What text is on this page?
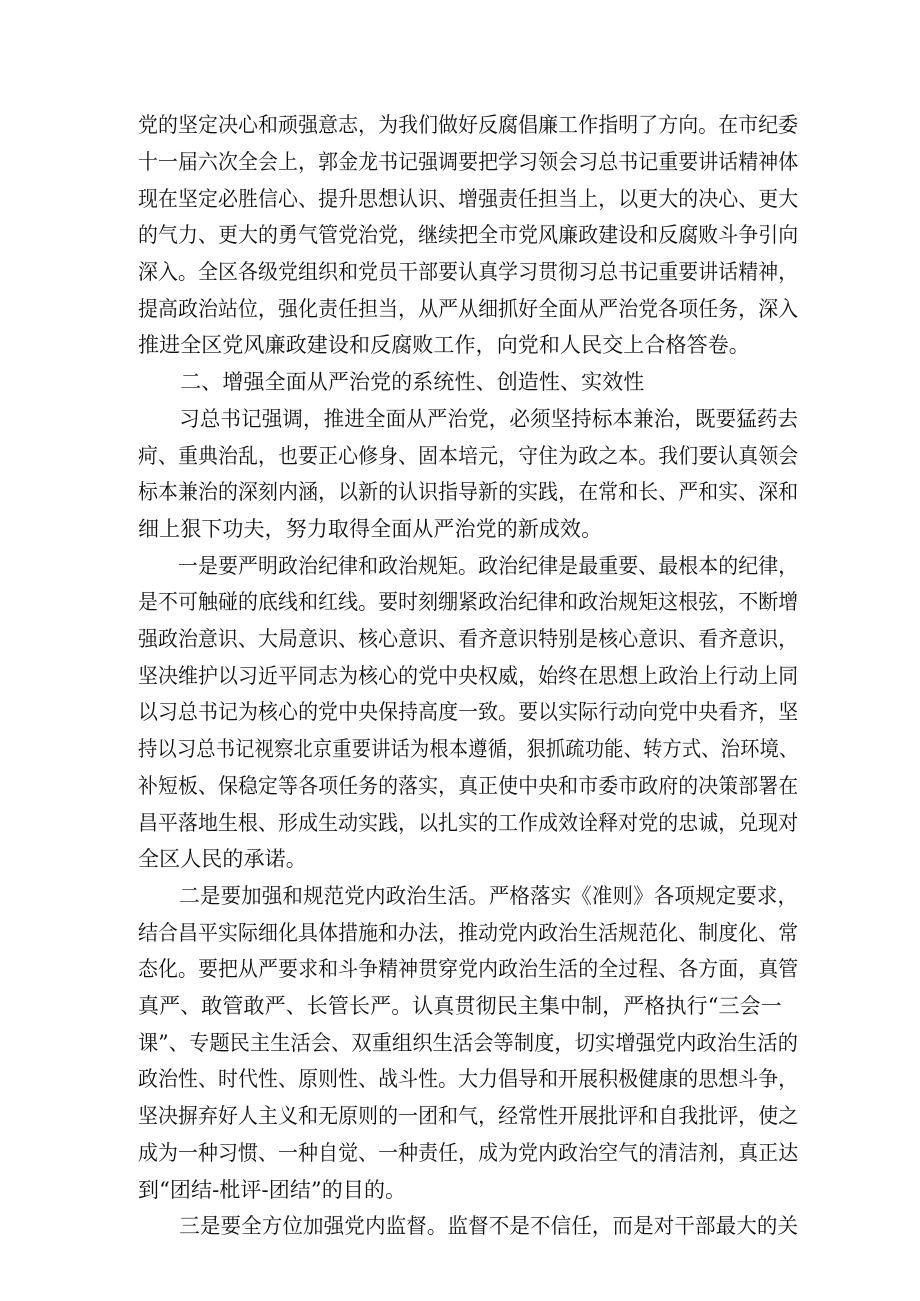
党的坚定决心和顽强意志，为我们做好反腐倡廉工作指明了方向。在市纪委
十一届六次全会上，郭金龙书记强调要把学习领会习总书记重要讲话精神体
现在坚定必胜信心、提升思想认识、增强责任担当上，以更大的决心、更大
的气力、更大的勇气管党治党，继续把全市党风廉政建设和反腐败斗争引向
深入。全区各级党组织和党员干部要认真学习贯彻习总书记重要讲话精神，
提高政治站位，强化责任担当，从严从细抓好全面从严治党各项任务，深入
推进全区党风廉政建设和反腐败工作，向党和人民交上合格答卷。
　　二、增强全面从严治党的系统性、创造性、实效性
　　习总书记强调，推进全面从严治党，必须坚持标本兼治，既要猛药去
疴、重典治乱，也要正心修身、固本培元，守住为政之本。我们要认真领会
标本兼治的深刻内涵，以新的认识指导新的实践，在常和长、严和实、深和
细上狠下功夫，努力取得全面从严治党的新成效。
　　一是要严明政治纪律和政治规矩。政治纪律是最重要、最根本的纪律，
是不可触碰的底线和红线。要时刻绷紧政治纪律和政治规矩这根弦，不断增
强政治意识、大局意识、核心意识、看齐意识特别是核心意识、看齐意识，
坚决维护以习近平同志为核心的党中央权威，始终在思想上政治上行动上同
以习总书记为核心的党中央保持高度一致。要以实际行动向党中央看齐，坚
持以习总书记视察北京重要讲话为根本遵循，狠抓疏功能、转方式、治环境、
补短板、保稳定等各项任务的落实，真正使中央和市委市政府的决策部署在
昌平落地生根、形成生动实践，以扎实的工作成效诠释对党的忠诚，兑现对
全区人民的承诺。
　　二是要加强和规范党内政治生活。严格落实《准则》各项规定要求，
结合昌平实际细化具体措施和办法，推动党内政治生活规范化、制度化、常
态化。要把从严要求和斗争精神贯穿党内政治生活的全过程、各方面，真管
真严、敢管敢严、长管长严。认真贯彻民主集中制，严格执行“三会一
课”、专题民主生活会、双重组织生活会等制度，切实增强党内政治生活的
政治性、时代性、原则性、战斗性。大力倡导和开展积极健康的思想斗争，
坚决摒弃好人主义和无原则的一团和气，经常性开展批评和自我批评，使之
成为一种习惯、一种自觉、一种责任，成为党内政治空气的清洁剂，真正达
到“团结-枇评-团结”的目的。
　　三是要全方位加强党内监督。监督不是不信任，而是对干部最大的关
